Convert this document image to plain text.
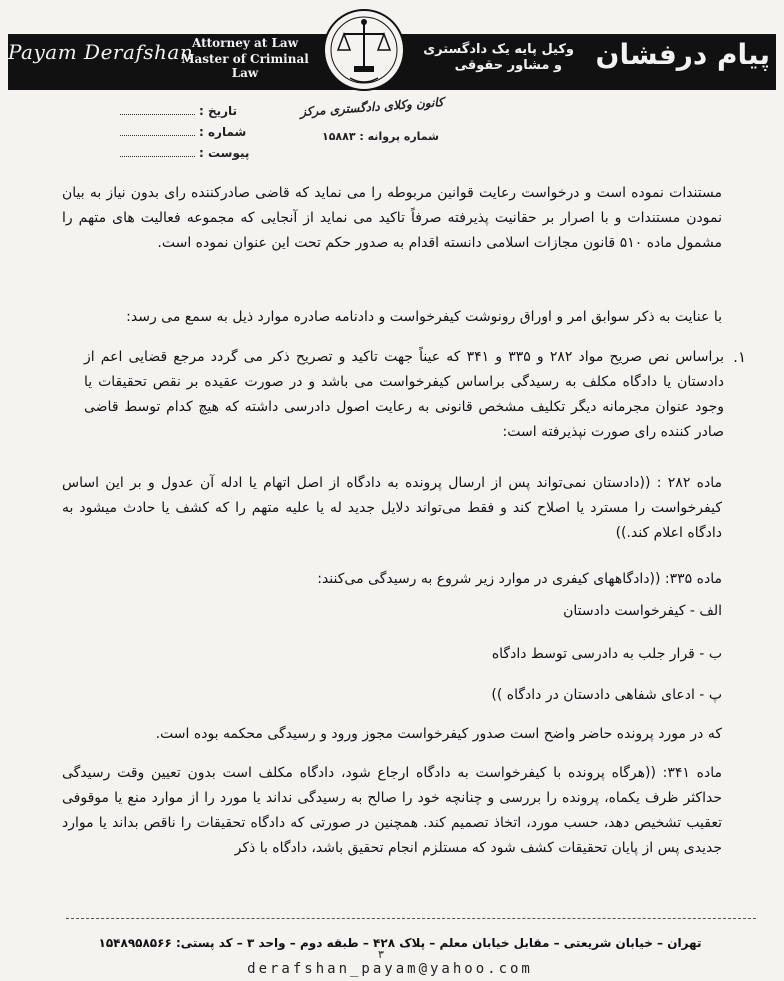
Payam Derafshan
Attorney at Law
Master of Criminal Law
پیام درفشان
وکیل پایه یک دادگستری
و مشاور حقوقی
کانون وکلای دادگستری مرکز
شماره پروانه : ۱۵۸۸۳
تاریخ :
شماره :
پیوست :
مستندات نموده است و درخواست رعایت قوانین مربوطه را می نماید که قاضی صادرکننده رای بدون نیاز به بیان نمودن مستندات و با اصرار بر حقانیت پذیرفته صرفاً تاکید می نماید از آنجایی که مجموعه فعالیت های متهم را مشمول ماده ۵۱۰ قانون مجازات اسلامی دانسته اقدام به صدور حکم تحت این عنوان نموده است.
با عنایت به ذکر سوابق امر و اوراق رونوشت کیفرخواست و دادنامه صادره موارد ذیل به سمع می رسد:
۱.
براساس نص صریح مواد ۲۸۲ و ۳۳۵ و ۳۴۱ که عیناً جهت تاکید و تصریح ذکر می گردد مرجع قضایی اعم از دادستان یا دادگاه مکلف به رسیدگی براساس کیفرخواست می باشد و در صورت عقیده بر نقص تحقیقات یا وجود عنوان مجرمانه دیگر تکلیف مشخص قانونی به رعایت اصول دادرسی داشته که هیچ کدام توسط قاضی صادر کننده رای صورت نپذیرفته است:
ماده ۲۸۲ : ((دادستان نمی‌تواند پس از ارسال پرونده به دادگاه از اصل اتهام یا ادله آن عدول و بر این اساس کیفرخواست را مسترد یا اصلاح کند و فقط می‌تواند دلایل جدید له یا علیه متهم را که کشف یا حادث میشود به دادگاه اعلام کند.))
ماده ۳۳۵: ((دادگاههای کیفری در موارد زیر شروع به رسیدگی می‌کنند:
الف - کیفرخواست دادستان
ب - قرار جلب به دادرسی توسط دادگاه
پ - ادعای شفاهی دادستان در دادگاه ))
که در مورد پرونده حاضر واضح است صدور کیفرخواست مجوز ورود و رسیدگی محکمه بوده است.
ماده ۳۴۱: ((هرگاه پرونده با کیفرخواست به دادگاه ارجاع شود، دادگاه مکلف است بدون تعیین وقت رسیدگی حداکثر ظرف یکماه، پرونده را بررسی و چنانچه خود را صالح به رسیدگی نداند یا مورد را از موارد منع یا موقوفی تعقیب تشخیص دهد، حسب مورد، اتخاذ تصمیم کند. همچنین در صورتی که دادگاه تحقیقات را ناقص بداند یا موارد جدیدی پس از پایان تحقیقات کشف شود که مستلزم انجام تحقیق باشد، دادگاه با ذکر
تهران – خیابان شریعتی – مقابل خیابان معلم – پلاک ۴۲۸ – طبقه دوم – واحد ۳ – کد پستی: ۱۵۴۸۹۵۸۵۶۶
۳
derafshan_payam@yahoo.com
